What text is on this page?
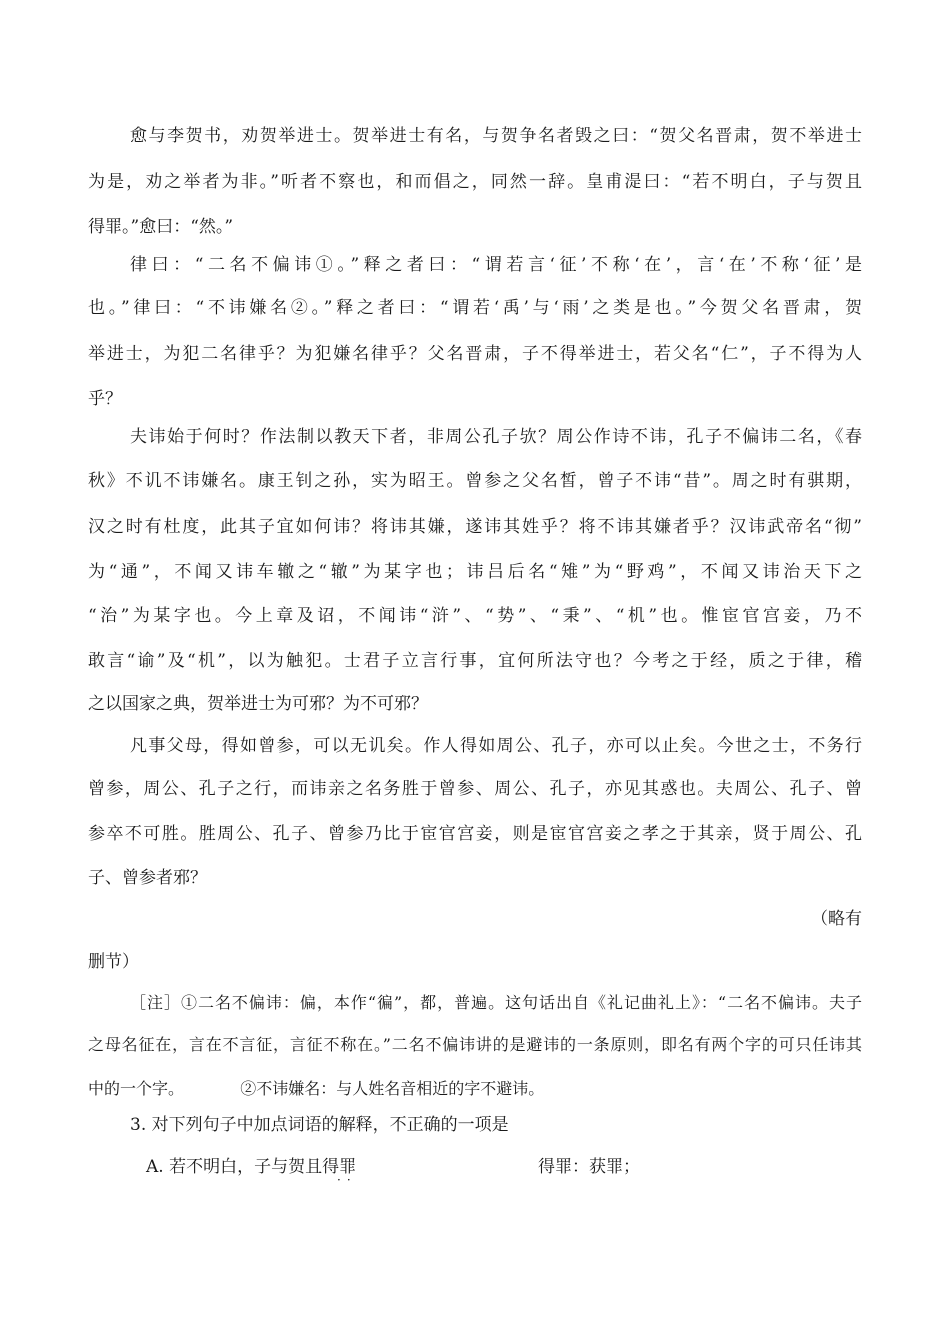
愈与李贺书，劝贺举进士。贺举进士有名，与贺争名者毁之曰：“贺父名晋肃，贺不举进士
为是，劝之举者为非。”听者不察也，和而倡之，同然一辞。皇甫湜曰：“若不明白，子与贺且
得罪。”愈曰：“然。”
律曰：“二名不偏讳①。”释之者曰：“谓若言‘征’不称‘在’，言‘在’不称‘征’是
也。”律曰：“不讳嫌名②。”释之者曰：“谓若‘禹’与‘雨’之类是也。”今贺父名晋肃，贺
举进士，为犯二名律乎？为犯嫌名律乎？父名晋肃，子不得举进士，若父名“仁”，子不得为人
乎？
夫讳始于何时？作法制以教天下者，非周公孔子欤？周公作诗不讳，孔子不偏讳二名，《春
秋》不讥不讳嫌名。康王钊之孙，实为昭王。曾参之父名皙，曾子不讳“昔”。周之时有骐期，
汉之时有杜度，此其子宜如何讳？将讳其嫌，遂讳其姓乎？将不讳其嫌者乎？汉讳武帝名“彻”
为“通”，不闻又讳车辙之“辙”为某字也；讳吕后名“雉”为“野鸡”，不闻又讳治天下之
“治”为某字也。今上章及诏，不闻讳“浒”、“势”、“秉”、“机”也。惟宦官宫妾，乃不
敢言“谕”及“机”，以为触犯。士君子立言行事，宜何所法守也？今考之于经，质之于律，稽
之以国家之典，贺举进士为可邪？为不可邪？
凡事父母，得如曾参，可以无讥矣。作人得如周公、孔子，亦可以止矣。今世之士，不务行
曾参，周公、孔子之行，而讳亲之名务胜于曾参、周公、孔子，亦见其惑也。夫周公、孔子、曾
参卒不可胜。胜周公、孔子、曾参乃比于宦官宫妾，则是宦官宫妾之孝之于其亲，贤于周公、孔
子、曾参者邪？
（略有
删节）
［注］①二名不偏讳：偏，本作“徧”，都，普遍。这句话出自《礼记曲礼上》：“二名不偏讳。夫子
之母名征在，言在不言征，言征不称在。”二名不偏讳讲的是避讳的一条原则，即名有两个字的可只任讳其
中的一个字。	②不讳嫌名：与人姓名音相近的字不避讳。
3. 对下列句子中加点词语的解释，不正确的一项是
A. 若不明白，子与贺且得罪
··
得罪：获罪；
